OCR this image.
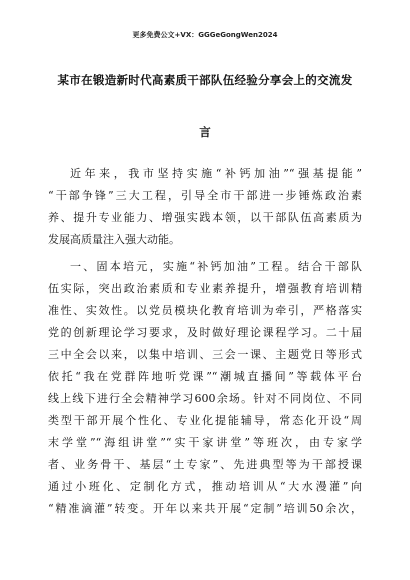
更多免费公文+VX：GGGeGongWen2024
某市在锻造新时代高素质干部队伍经验分享会上的交流发
言
近年来，我市坚持实施“补钙加油”“强基提能”
“干部争锋”三大工程，引导全市干部进一步锤炼政治素
养、提升专业能力、增强实践本领，以干部队伍高素质为
发展高质量注入强大动能。
一、固本培元，实施“补钙加油”工程。结合干部队
伍实际，突出政治素质和专业素养提升，增强教育培训精
准性、实效性。以党员模块化教育培训为牵引，严格落实
党的创新理论学习要求，及时做好理论课程学习。二十届
三中全会以来，以集中培训、三会一课、主题党日等形式
依托“我在党群阵地听党课”“潮城直播间”等载体平台
线上线下进行全会精神学习600余场。针对不同岗位、不同
类型干部开展个性化、专业化提能辅导，常态化开设“周
末学堂”“海组讲堂”“实干家讲堂”等班次，由专家学
者、业务骨干、基层“土专家”、先进典型等为干部授课
通过小班化、定制化方式，推动培训从“大水漫灌”向
“精准滴灌”转变。开年以来共开展“定制”培训50余次，
